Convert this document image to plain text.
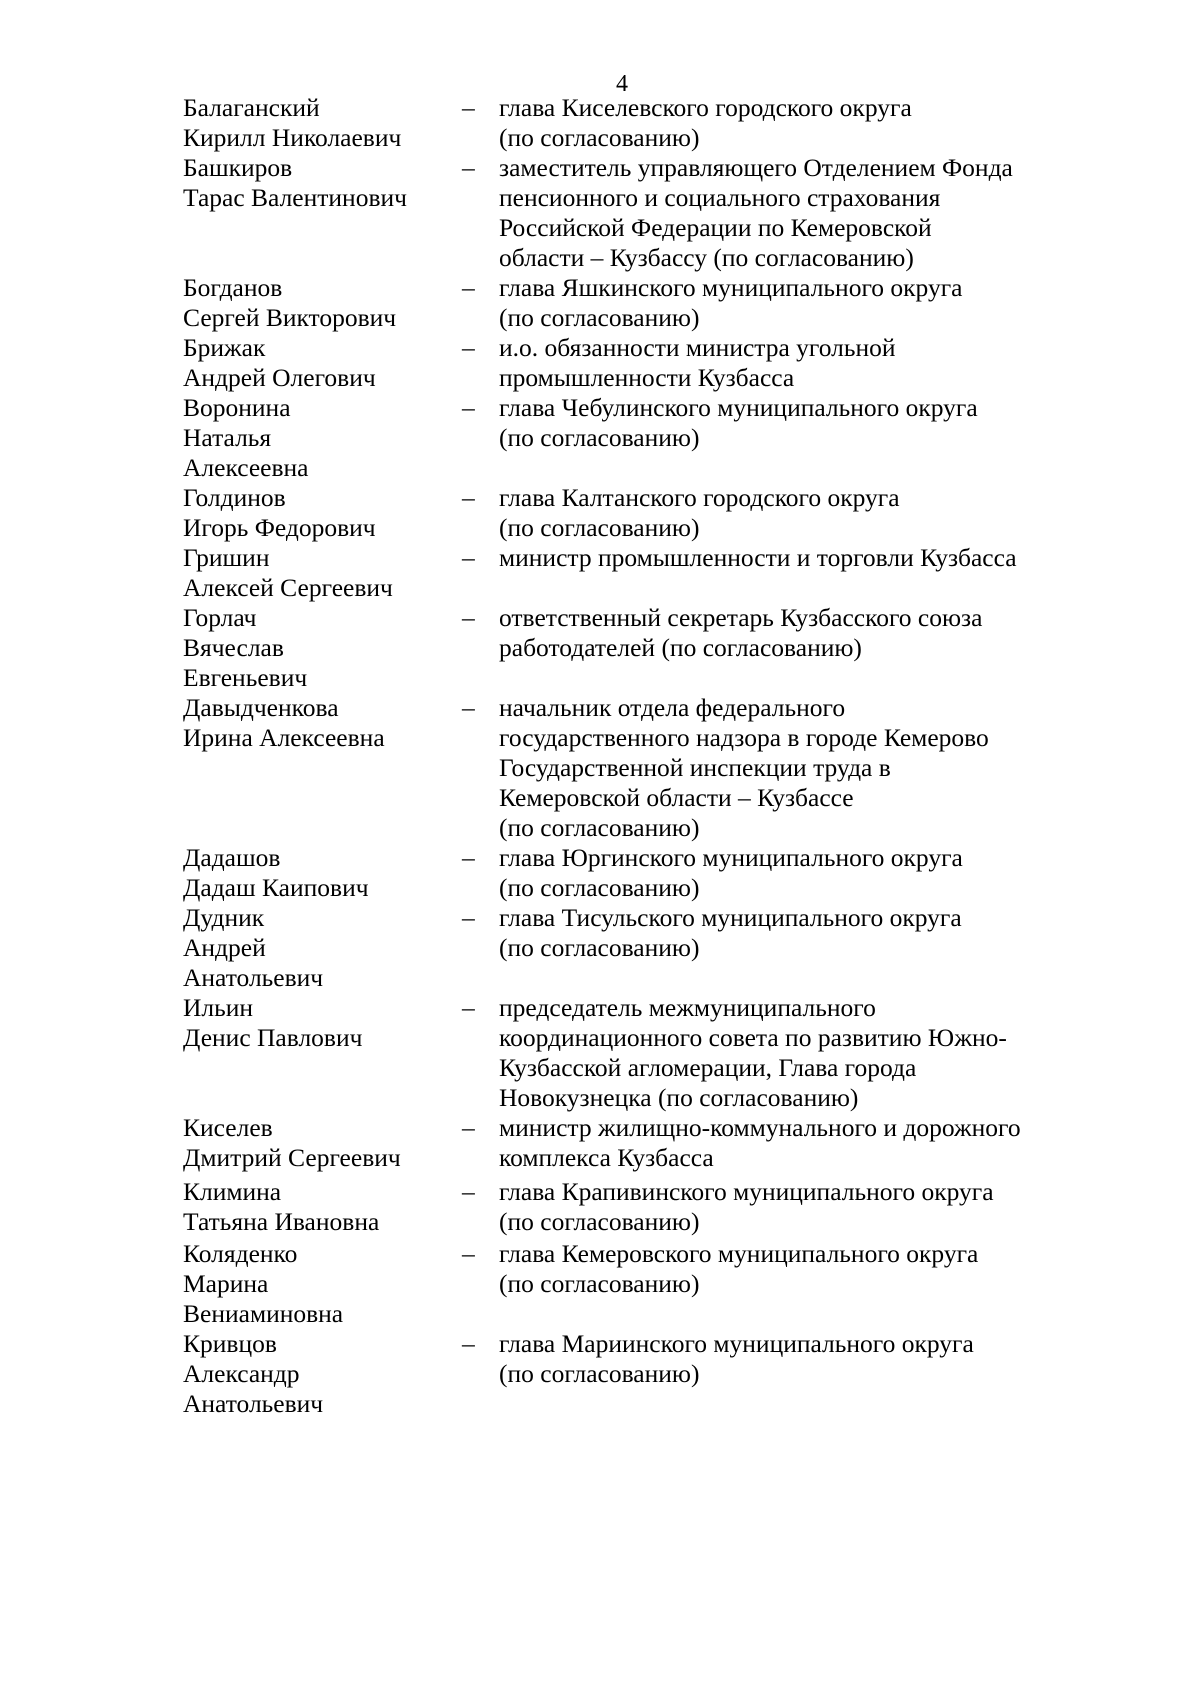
4
Балаганский
Кирилл Николаевич
– глава Киселевского городского округа
(по согласованию)
Башкиров
Тарас Валентинович
– заместитель управляющего Отделением Фонда
пенсионного и социального страхования
Российской Федерации по Кемеровской
области – Кузбассу (по согласованию)
Богданов
Сергей Викторович
– глава Яшкинского муниципального округа
(по согласованию)
Брижак
Андрей Олегович
– и.о. обязанности министра угольной
промышленности Кузбасса
Воронина
Наталья
Алексеевна
– глава Чебулинского муниципального округа
(по согласованию)
Голдинов
Игорь Федорович
– глава Калтанского городского округа
(по согласованию)
Гришин
Алексей Сергеевич
– министр промышленности и торговли Кузбасса
Горлач
Вячеслав
Евгеньевич
– ответственный секретарь Кузбасского союза
работодателей (по согласованию)
Давыдченкова
Ирина Алексеевна
– начальник отдела федерального
государственного надзора в городе Кемерово
Государственной инспекции труда в
Кемеровской области – Кузбассе
(по согласованию)
Дадашов
Дадаш Каипович
– глава Юргинского муниципального округа
(по согласованию)
Дудник
Андрей
Анатольевич
– глава Тисульского муниципального округа
(по согласованию)
Ильин
Денис Павлович
– председатель межмуниципального
координационного совета по развитию Южно-
Кузбасской агломерации, Глава города
Новокузнецка (по согласованию)
Киселев
Дмитрий Сергеевич
– министр жилищно-коммунального и дорожного
комплекса Кузбасса
Климина
Татьяна Ивановна
– глава Крапивинского муниципального округа
(по согласованию)
Коляденко
Марина
Вениаминовна
– глава Кемеровского муниципального округа
(по согласованию)
Кривцов
Александр
Анатольевич
– глава Мариинского муниципального округа
(по согласованию)
